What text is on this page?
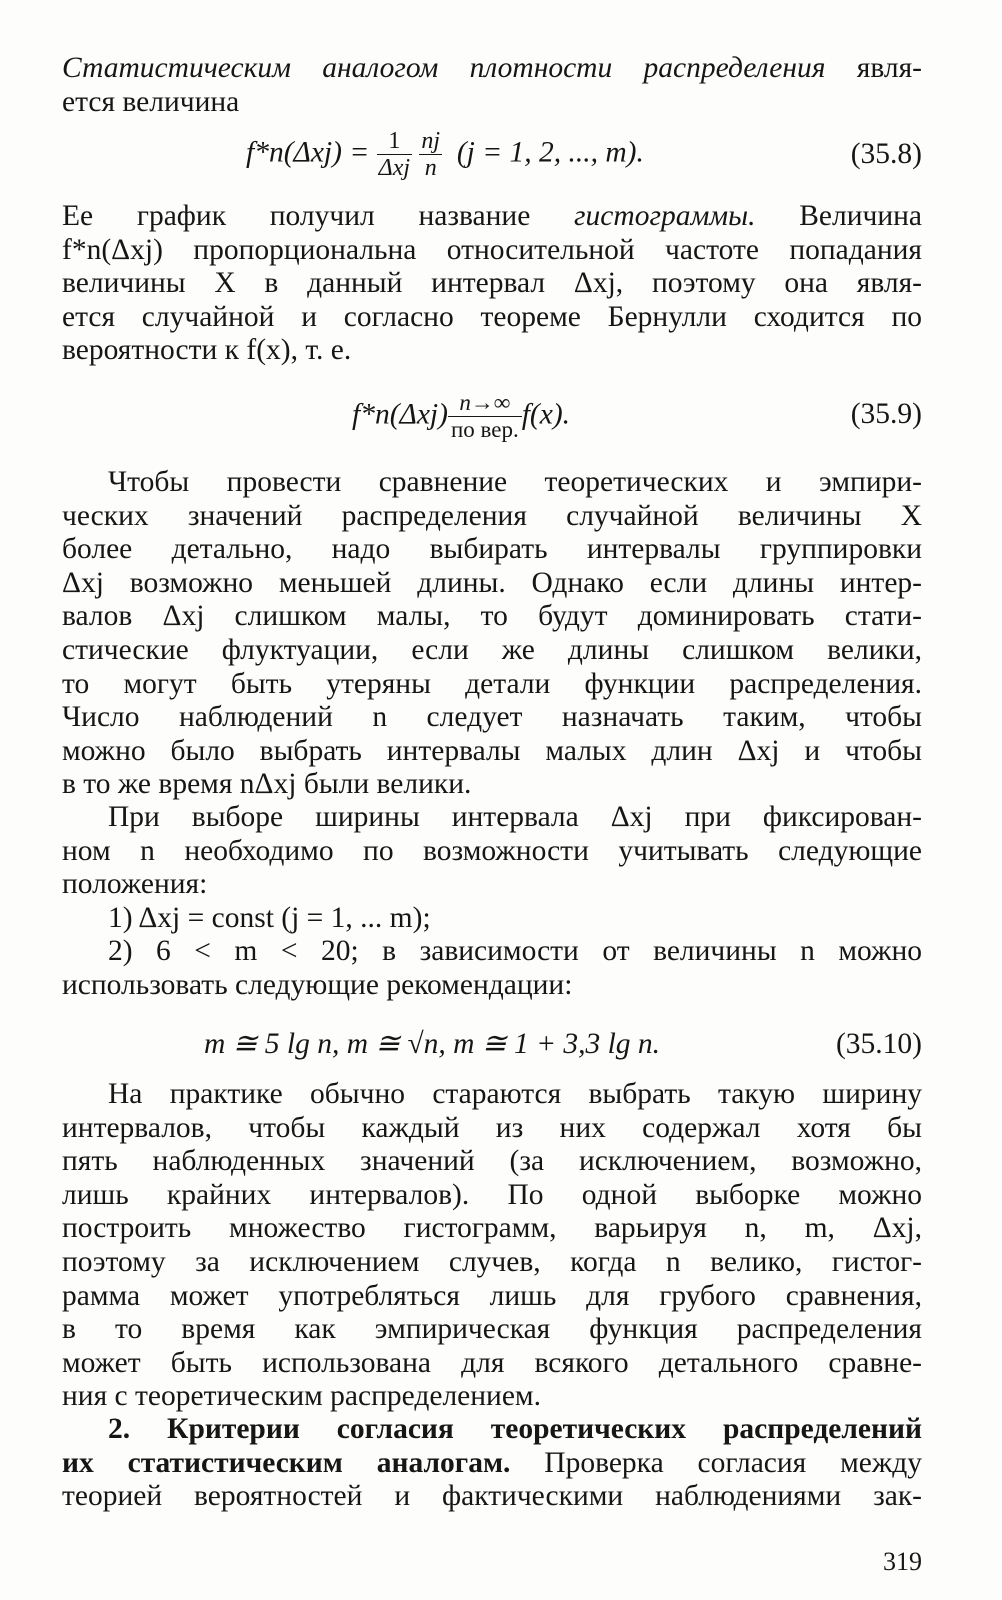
Статистическим аналогом плотности распределения явля-
ется величина
$f*n(\Delta xj) = \frac{1}{\text{Δxj}}$
$\frac{nj}{n} (j = 1$, 2, ..., m).	(35.8)
Ее график получил название гистограммы. Величина
f*n(Δxj) пропорциональна относительной частоте попадания
величины X в данный интервал Δxj, поэтому она явля-
ется случайной и согласно теореме Бернулли сходится по
вероятности к f(x), т. е.
f*n(Δxj) n→∞
по вер. f(x).	(35.9)
Чтобы провести сравнение теоретических и эмпири-
ческих значений распределения случайной величины X
более детально, надо выбирать интервалы группировки
Δxj возможно меньшей длины. Однако если длины интер-
валов Δxj слишком малы, то будут доминировать стати-
стические флуктуации, если же длины слишком велики,
то могут быть утеряны детали функции распределения.
Число наблюдений n следует назначать таким, чтобы
можно было выбрать интервалы малых длин Δxj и чтобы
в то же время nΔxj были велики.
При выборе ширины интервала Δxj при фиксирован-
ном n необходимо по возможности учитывать следующие
положения:
1) Δxj = const (j = 1, ... m);
2) 6 < m < 20; в зависимости от величины n можно
использовать следующие рекомендации:
m ≅ 5 lg n, m ≅ √n, m ≅ 1 + 3,3 lg n.	(35.10)
На практике обычно стараются выбрать такую ширину
интервалов, чтобы каждый из них содержал хотя бы
пять наблюденных значений (за исключением, возможно,
лишь крайних интервалов). По одной выборке можно
построить множество гистограмм, варьируя n, m, Δxj,
поэтому за исключением случев, когда n велико, гистог-
рамма может употребляться лишь для грубого сравнения,
в то время как эмпирическая функция распределения
может быть использована для всякого детального сравне-
ния с теоретическим распределением.
2. Критерии согласия теоретических распределений
их статистическим аналогам. Проверка согласия между
теорией вероятностей и фактическими наблюдениями зак-
319
